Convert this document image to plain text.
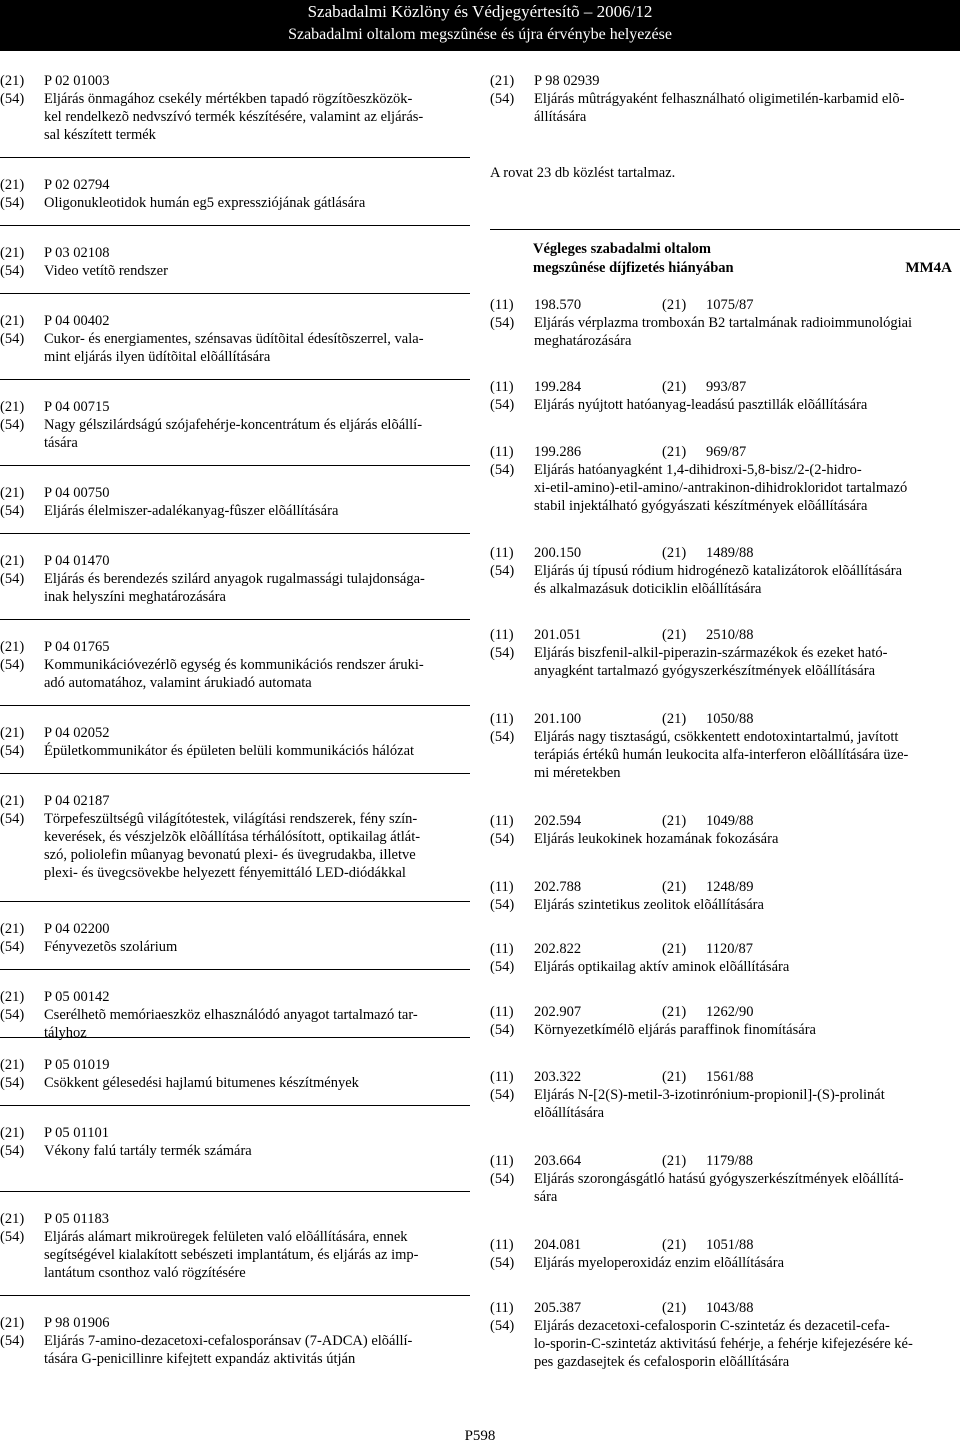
Szabadalmi Közlöny és Védjegyértesítõ – 2006/12
Szabadalmi oltalom megszûnése és újra érvénybe helyezése
(21)	P 02 01003
(54)	Eljárás önmagához csekély mértékben tapadó rögzítõeszközök-
kel rendelkezõ nedvszívó termék készítésére, valamint az eljárás-
sal készített termék
(21)	P 02 02794
(54)	Oligonukleotidok humán eg5 expressziójának gátlására
(21)	P 03 02108
(54)	Video vetítõ rendszer
(21)	P 04 00402
(54)	Cukor- és energiamentes, szénsavas üdítõital édesítõszerrel, vala-
mint eljárás ilyen üdítõital elõállítására
(21)	P 04 00715
(54)	Nagy gélszilárdságú szójafehérje-koncentrátum és eljárás elõállí-
tására
(21)	P 04 00750
(54)	Eljárás élelmiszer-adalékanyag-fûszer elõállítására
(21)	P 04 01470
(54)	Eljárás és berendezés szilárd anyagok rugalmassági tulajdonsága-
inak helyszíni meghatározására
(21)	P 04 01765
(54)	Kommunikációvezérlõ egység és kommunikációs rendszer áruki-
adó automatához, valamint árukiadó automata
(21)	P 04 02052
(54)	Épületkommunikátor és épületen belüli kommunikációs hálózat
(21)	P 04 02187
(54)	Törpefeszültségû világítótestek, világítási rendszerek, fény szín-
keverések, és vészjelzõk elõállítása térhálósított, optikailag átlát-
szó, poliolefin mûanyag bevonatú plexi- és üvegrudakba, illetve
plexi- és üvegcsövekbe helyezett fényemittáló LED-diódákkal
(21)	P 04 02200
(54)	Fényvezetõs szolárium
(21)	P 05 00142
(54)	Cserélhetõ memóriaeszköz elhasználódó anyagot tartalmazó tar-
tályhoz
(21)	P 05 01019
(54)	Csökkent gélesedési hajlamú bitumenes készítmények
(21)	P 05 01101
(54)	Vékony falú tartály termék számára
(21)	P 05 01183
(54)	Eljárás alámart mikroüregek felületen való elõállítására, ennek
segítségével kialakított sebészeti implantátum, és eljárás az imp-
lantátum csonthoz való rögzítésére
(21)	P 98 01906
(54)	Eljárás 7-amino-dezacetoxi-cefalosporánsav (7-ADCA) elõállí-
tására G-penicillinre kifejtett expandáz aktivitás útján
(21)	P 98 02939
(54)	Eljárás mûtrágyaként felhasználható oligimetilén-karbamid elõ-
állítására
A rovat 23 db közlést tartalmaz.
Végleges szabadalmi oltalom
megszûnése díjfizetés hiányában	MM4A
(11)	198.570	(21)	1075/87
(54)	Eljárás vérplazma tromboxán B2 tartalmának radioimmunológiai
meghatározására
(11)	199.284	(21)	993/87
(54)	Eljárás nyújtott hatóanyag-leadású pasztillák elõállítására
(11)	199.286	(21)	969/87
(54)	Eljárás hatóanyagként 1,4-dihidroxi-5,8-bisz/2-(2-hidro-
xi-etil-amino)-etil-amino/-antrakinon-dihidrokloridot tartalmazó
stabil injektálható gyógyászati készítmények elõállítására
(11)	200.150	(21)	1489/88
(54)	Eljárás új típusú ródium hidrogénezõ katalizátorok elõállítására
és alkalmazásuk doticiklin elõállítására
(11)	201.051	(21)	2510/88
(54)	Eljárás biszfenil-alkil-piperazin-származékok és ezeket ható-
anyagként tartalmazó gyógyszerkészítmények elõállítására
(11)	201.100	(21)	1050/88
(54)	Eljárás nagy tisztaságú, csökkentett endotoxintartalmú, javított
terápiás értékû humán leukocita alfa-interferon elõállítására üze-
mi méretekben
(11)	202.594	(21)	1049/88
(54)	Eljárás leukokinek hozamának fokozására
(11)	202.788	(21)	1248/89
(54)	Eljárás szintetikus zeolitok elõállítására
(11)	202.822	(21)	1120/87
(54)	Eljárás optikailag aktív aminok elõállítására
(11)	202.907	(21)	1262/90
(54)	Környezetkímélõ eljárás paraffinok finomítására
(11)	203.322	(21)	1561/88
(54)	Eljárás N-[2(S)-metil-3-izotinrónium-propionil]-(S)-prolinát
elõállítására
(11)	203.664	(21)	1179/88
(54)	Eljárás szorongásgátló hatású gyógyszerkészítmények elõállítá-
sára
(11)	204.081	(21)	1051/88
(54)	Eljárás myeloperoxidáz enzim elõállítására
(11)	205.387	(21)	1043/88
(54)	Eljárás dezacetoxi-cefalosporin C-szintetáz és dezacetil-cefa-
lo-sporin-C-szintetáz aktivitású fehérje, a fehérje kifejezésére ké-
pes gazdasejtek és cefalosporin elõállítására
P598
